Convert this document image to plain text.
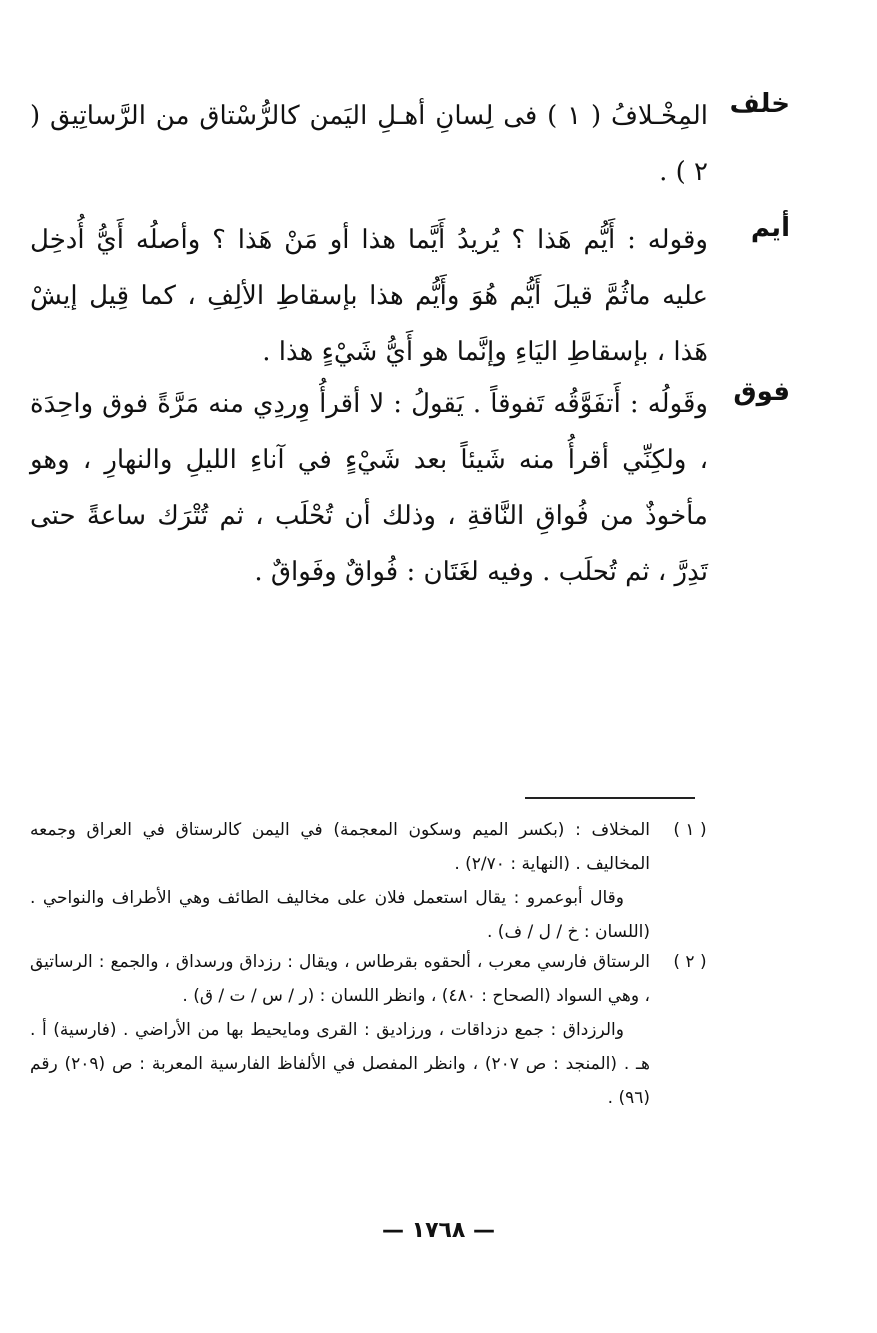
خلف
المِخْـلافُ ( ١ ) فى لِسانِ أهـلِ اليَمن كالرُّسْتاق من الرَّساتِيق ( ٢ ) .
أيم
وقوله : أَيُّم هَذا ؟ يُريدُ أَيَّما هذا أو مَنْ هَذا ؟ وأصلُه أَيُّ أُدخِل عليه ماثُمَّ قيلَ أَيُّم هُوَ وأَيُّم هذا بإسقاطِ الألِفِ ، كما قِيل إيشْ هَذا ، بإسقاطِ اليَاءِ وإنَّما هو أَيُّ شَيْءٍ هذا .
فوق
وقَولُه : أَتفَوَّقُه تَفوقاً . يَقولُ : لا أقرأُ وِردِي منه مَرَّةً فوق واحِدَة ، ولكِنِّي أقرأُ منه شَيئاً بعد شَيْءٍ في آناءِ الليلِ والنهارِ ، وهو مأخوذٌ من فُواقِ النَّاقةِ ، وذلك أن تُحْلَب ، ثم تُتْرَك ساعةً حتى تَدِرَّ ، ثم تُحلَب . وفيه لغَتَان : فُواقٌ وفَواقٌ .
( ١ )
المخلاف : (بكسر الميم وسكون المعجمة) في اليمن كالرستاق في العراق وجمعه المخاليف . (النهاية : ٢/٧٠) .
وقال أبوعمرو : يقال استعمل فلان على مخاليف الطائف وهي الأطراف والنواحي . (اللسان : خ / ل / ف) .
( ٢ )
الرستاق فارسي معرب ، ألحقوه بقرطاس ، ويقال : رزداق ورسداق ، والجمع : الرساتيق ، وهي السواد (الصحاح : ٤٨٠) ، وانظر اللسان : (ر / س / ت / ق) .
والرزداق : جمع دزداقات ، ورزاديق : القرى ومايحيط بها من الأراضي . (فارسية) أ . هـ . (المنجد : ص ٢٠٧) ، وانظر المفصل في الألفاظ الفارسية المعربة : ص (٢٠٩) رقم (٩٦) .
— ١٧٦٨ —
